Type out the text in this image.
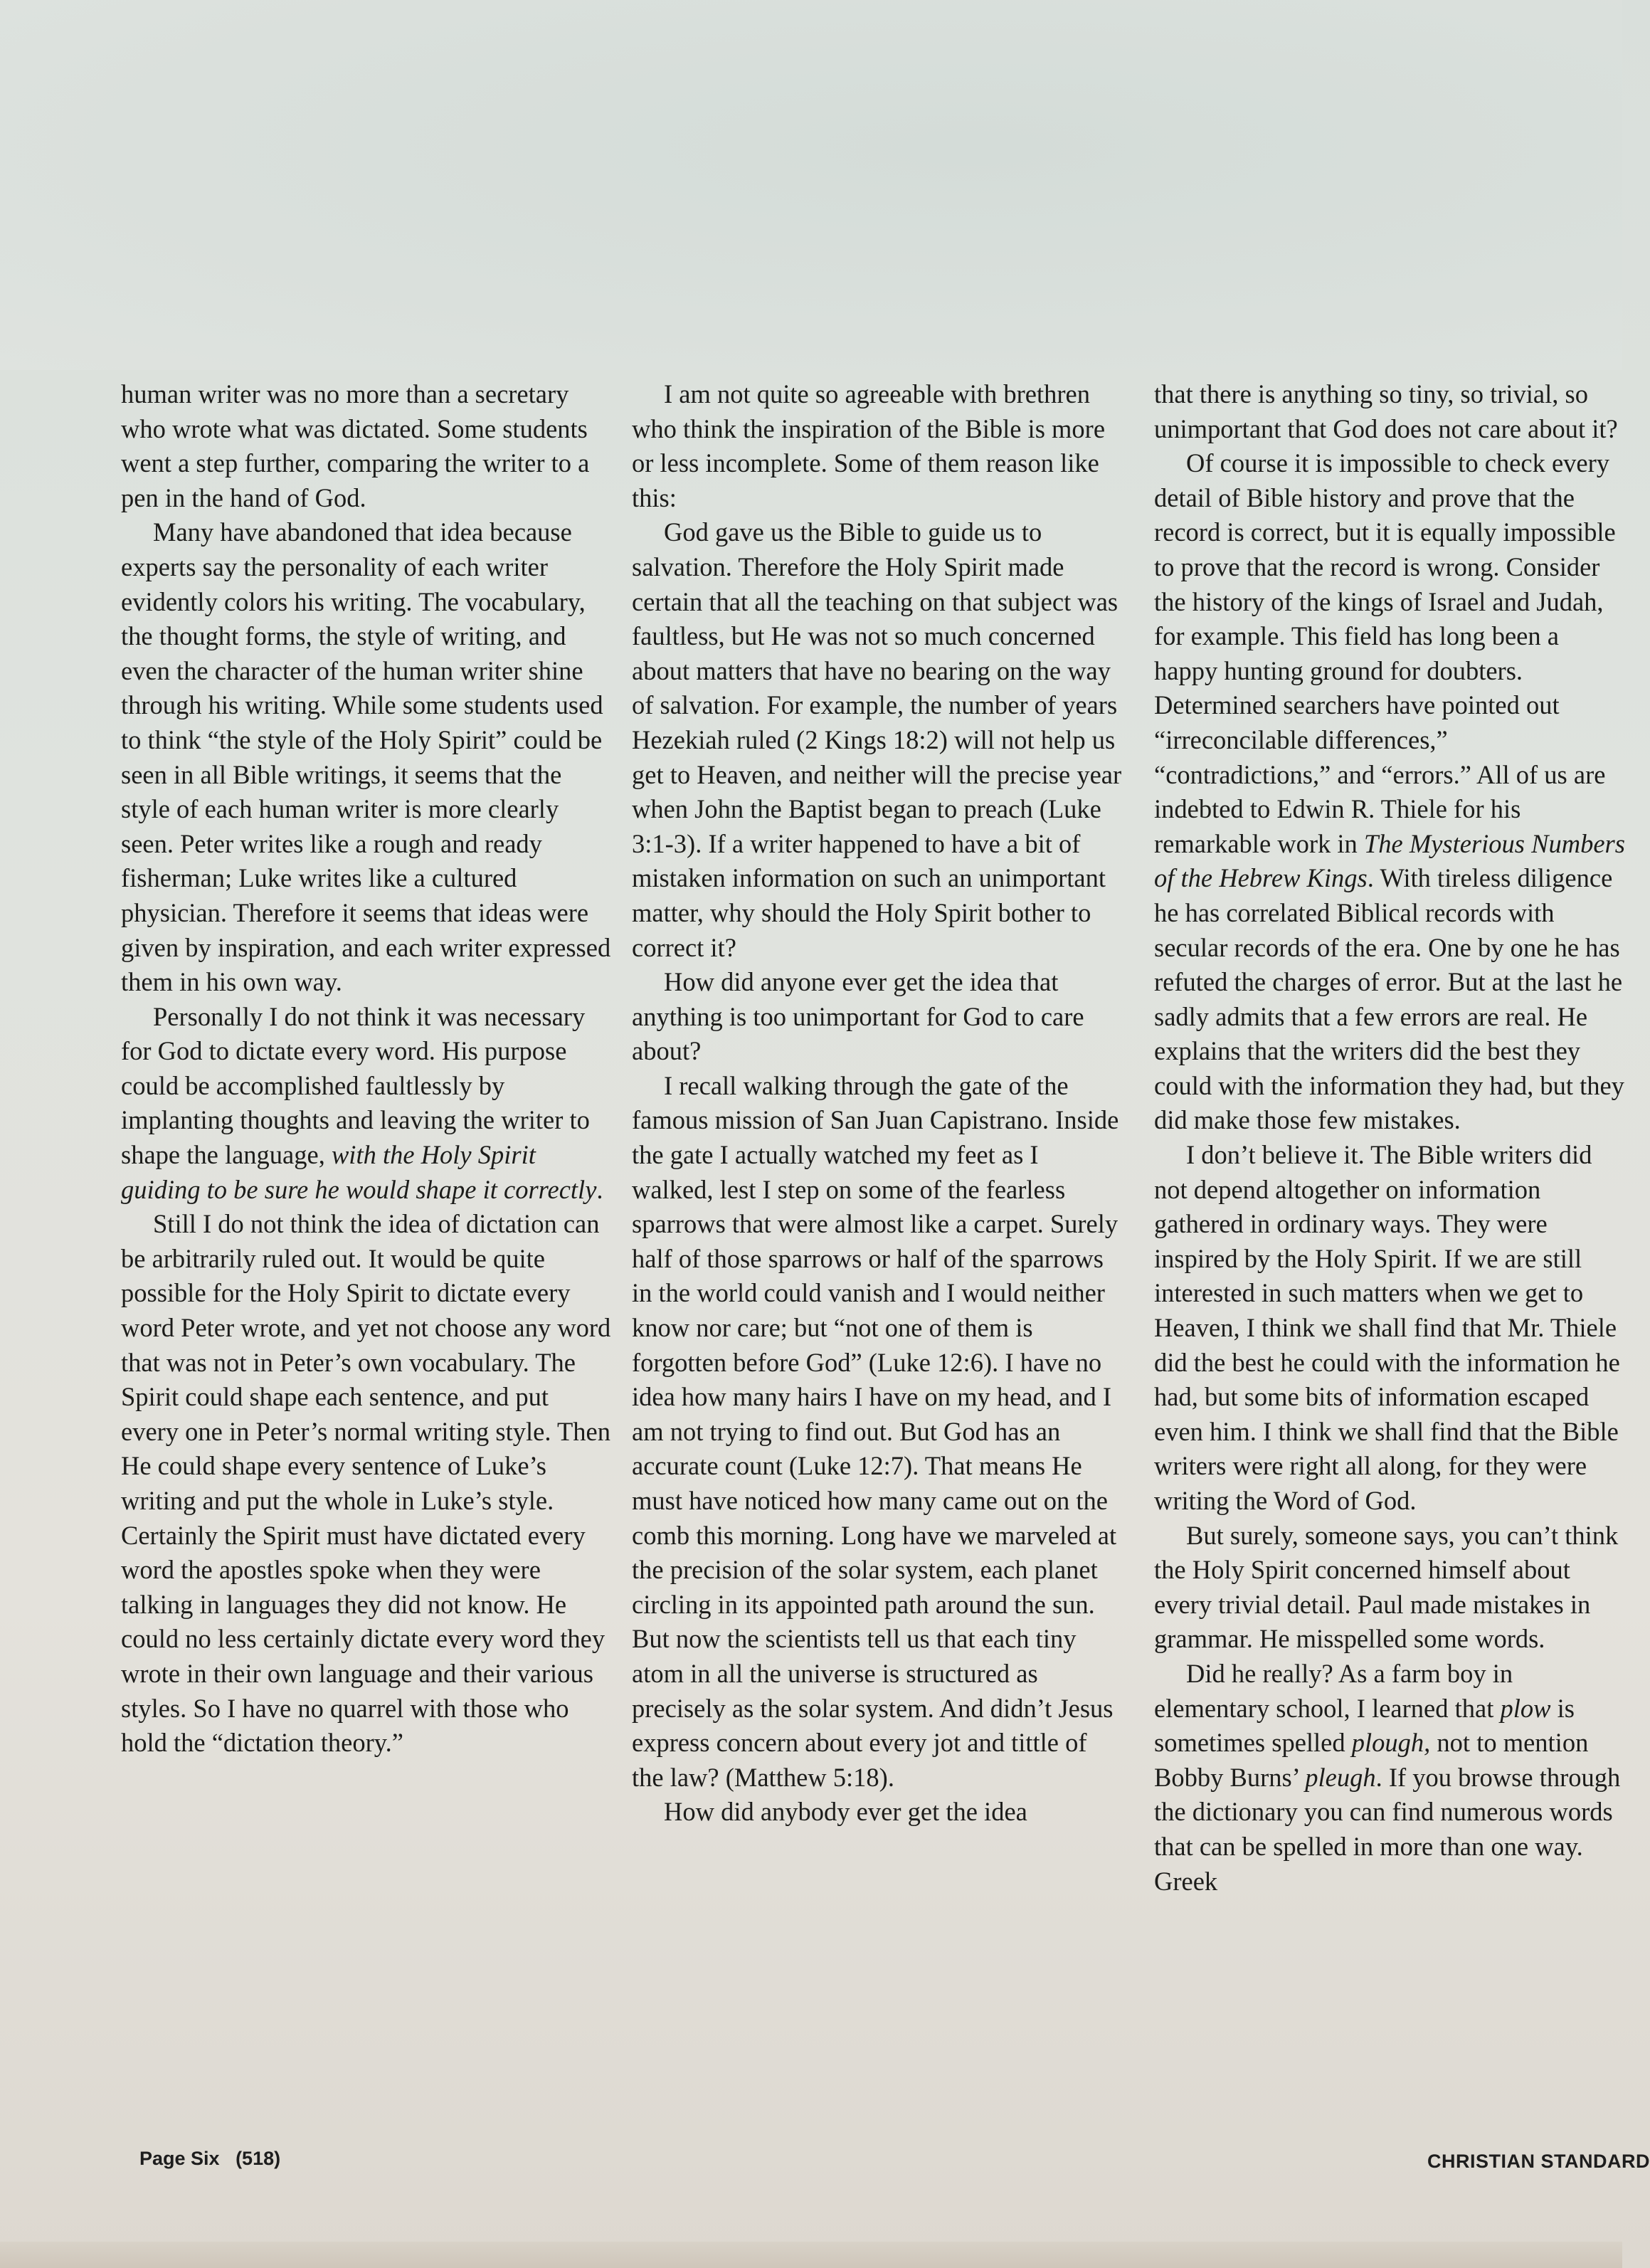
human writer was no more than a secretary who wrote what was dictated. Some students went a step further, comparing the writer to a pen in the hand of God.

Many have abandoned that idea because experts say the personality of each writer evidently colors his writing. The vocabulary, the thought forms, the style of writing, and even the character of the human writer shine through his writing. While some students used to think “the style of the Holy Spirit” could be seen in all Bible writings, it seems that the style of each human writer is more clearly seen. Peter writes like a rough and ready fisherman; Luke writes like a cultured physician. Therefore it seems that ideas were given by inspiration, and each writer expressed them in his own way.

Personally I do not think it was necessary for God to dictate every word. His purpose could be accomplished faultlessly by implanting thoughts and leaving the writer to shape the language, with the Holy Spirit guiding to be sure he would shape it correctly.

Still I do not think the idea of dictation can be arbitrarily ruled out. It would be quite possible for the Holy Spirit to dictate every word Peter wrote, and yet not choose any word that was not in Peter’s own vocabulary. The Spirit could shape each sentence, and put every one in Peter’s normal writing style. Then He could shape every sentence of Luke’s writing and put the whole in Luke’s style. Certainly the Spirit must have dictated every word the apostles spoke when they were talking in languages they did not know. He could no less certainly dictate every word they wrote in their own language and their various styles. So I have no quarrel with those who hold the “dictation theory.”

I am not quite so agreeable with brethren who think the inspiration of the Bible is more or less incomplete. Some of them reason like this:

God gave us the Bible to guide us to salvation. Therefore the Holy Spirit made certain that all the teaching on that subject was faultless, but He was not so much concerned about matters that have no bearing on the way of salvation. For example, the number of years Hezekiah ruled (2 Kings 18:2) will not help us get to Heaven, and neither will the precise year when John the Baptist began to preach (Luke 3:1-3). If a writer happened to have a bit of mistaken information on such an unimportant matter, why should the Holy Spirit bother to correct it?

How did anyone ever get the idea that anything is too unimportant for God to care about?

I recall walking through the gate of the famous mission of San Juan Capistrano. Inside the gate I actually watched my feet as I walked, lest I step on some of the fearless sparrows that were almost like a carpet. Surely half of those sparrows or half of the sparrows in the world could vanish and I would neither know nor care; but “not one of them is forgotten before God” (Luke 12:6). I have no idea how many hairs I have on my head, and I am not trying to find out. But God has an accurate count (Luke 12:7). That means He must have noticed how many came out on the comb this morning. Long have we marveled at the precision of the solar system, each planet circling in its appointed path around the sun. But now the scientists tell us that each tiny atom in all the universe is structured as precisely as the solar system. And didn’t Jesus express concern about every jot and tittle of the law? (Matthew 5:18).

How did anybody ever get the idea

that there is anything so tiny, so trivial, so unimportant that God does not care about it?

Of course it is impossible to check every detail of Bible history and prove that the record is correct, but it is equally impossible to prove that the record is wrong. Consider the history of the kings of Israel and Judah, for example. This field has long been a happy hunting ground for doubters. Determined searchers have pointed out “irreconcilable differences,” “contradictions,” and “errors.” All of us are indebted to Edwin R. Thiele for his remarkable work in The Mysterious Numbers of the Hebrew Kings. With tireless diligence he has correlated Biblical records with secular records of the era. One by one he has refuted the charges of error. But at the last he sadly admits that a few errors are real. He explains that the writers did the best they could with the information they had, but they did make those few mistakes.

I don’t believe it. The Bible writers did not depend altogether on information gathered in ordinary ways. They were inspired by the Holy Spirit. If we are still interested in such matters when we get to Heaven, I think we shall find that Mr. Thiele did the best he could with the information he had, but some bits of information escaped even him. I think we shall find that the Bible writers were right all along, for they were writing the Word of God.

But surely, someone says, you can’t think the Holy Spirit concerned himself about every trivial detail. Paul made mistakes in grammar. He misspelled some words.

Did he really? As a farm boy in elementary school, I learned that plow is sometimes spelled plough, not to mention Bobby Burns’ pleugh. If you browse through the dictionary you can find numerous words that can be spelled in more than one way. Greek

Page Six   (518)	CHRISTIAN STANDARD
